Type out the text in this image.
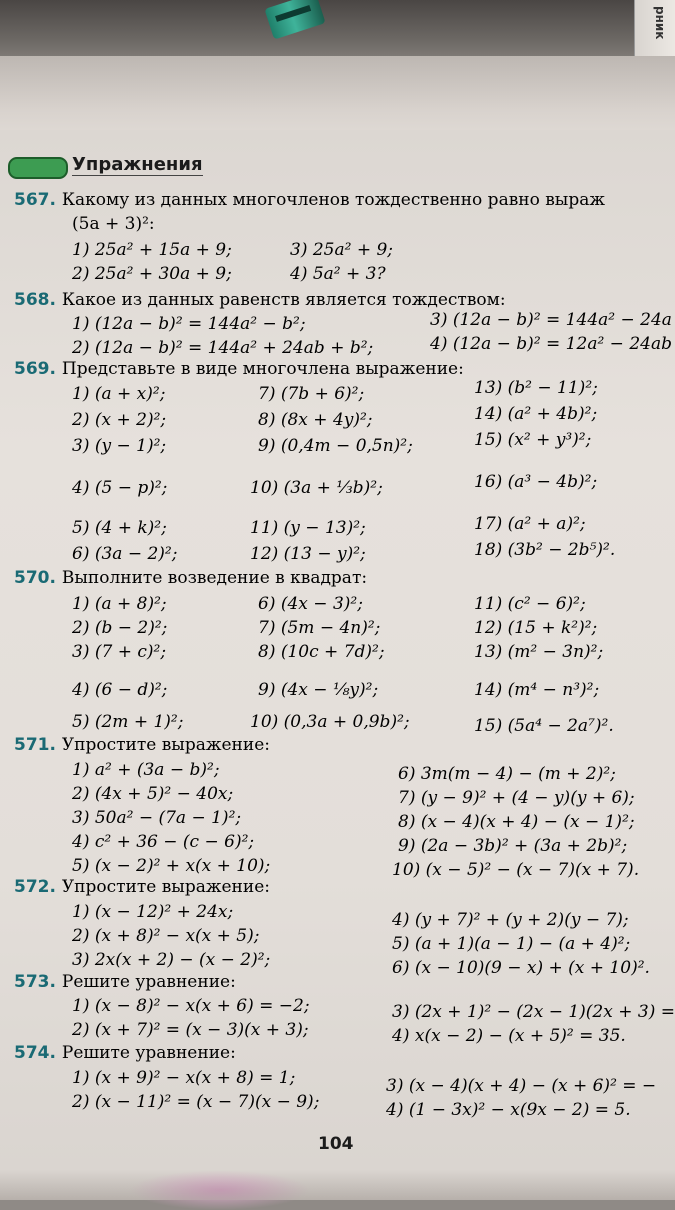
рник
Упражнения
567. Какому из данных многочленов тождественно равно выраж
(5a + 3)²:
568. Какое из данных равенств является тождеством:
569. Представьте в виде многочлена выражение:
570. Выполните возведение в квадрат:
571. Упростите выражение:
572. Упростите выражение:
573. Решите уравнение:
574. Решите уравнение:
1) 25a² + 15a + 9;	3) 25a² + 9;
2) 25a² + 30a + 9;	4) 5a² + 3?
1) (12a − b)² = 144a² − b²;	3) (12a − b)² = 144a² − 24a
2) (12a − b)² = 144a² + 24ab + b²;	4) (12a − b)² = 12a² − 24ab
1) (a + x)²;	7) (7b + 6)²;	13) (b² − 11)²;
2) (x + 2)²;	8) (8x + 4y)²;	14) (a² + 4b)²;
3) (y − 1)²;	9) (0,4m − 0,5n)²;	15) (x² + y³)²;
4) (5 − p)²;	10) (3a + ⅓b)²;	16) (a³ − 4b)²;
5) (4 + k)²;	11) (y − 13)²;	17) (a² + a)²;
6) (3a − 2)²;	12) (13 − y)²;	18) (3b² − 2b⁵)².
1) (a + 8)²;	6) (4x − 3)²;	11) (c² − 6)²;
2) (b − 2)²;	7) (5m − 4n)²;	12) (15 + k²)²;
3) (7 + c)²;	8) (10c + 7d)²;	13) (m² − 3n)²;
4) (6 − d)²;	9) (4x − ⅛y)²;	14) (m⁴ − n³)²;
5) (2m + 1)²;	10) (0,3a + 0,9b)²;	15) (5a⁴ − 2a⁷)².
1) a² + (3a − b)²;	6) 3m(m − 4) − (m + 2)²;
2) (4x + 5)² − 40x;	7) (y − 9)² + (4 − y)(y + 6);
3) 50a² − (7a − 1)²;	8) (x − 4)(x + 4) − (x − 1)²;
4) c² + 36 − (c − 6)²;	9) (2a − 3b)² + (3a + 2b)²;
5) (x − 2)² + x(x + 10);	10) (x − 5)² − (x − 7)(x + 7).
1) (x − 12)² + 24x;	4) (y + 7)² + (y + 2)(y − 7);
2) (x + 8)² − x(x + 5);	5) (a + 1)(a − 1) − (a + 4)²;
3) 2x(x + 2) − (x − 2)²;	6) (x − 10)(9 − x) + (x + 10)².
1) (x − 8)² − x(x + 6) = −2;	3) (2x + 1)² − (2x − 1)(2x + 3) =
2) (x + 7)² = (x − 3)(x + 3);	4) x(x − 2) − (x + 5)² = 35.
1) (x + 9)² − x(x + 8) = 1;	3) (x − 4)(x + 4) − (x + 6)² = −
2) (x − 11)² = (x − 7)(x − 9);	4) (1 − 3x)² − x(9x − 2) = 5.
104
